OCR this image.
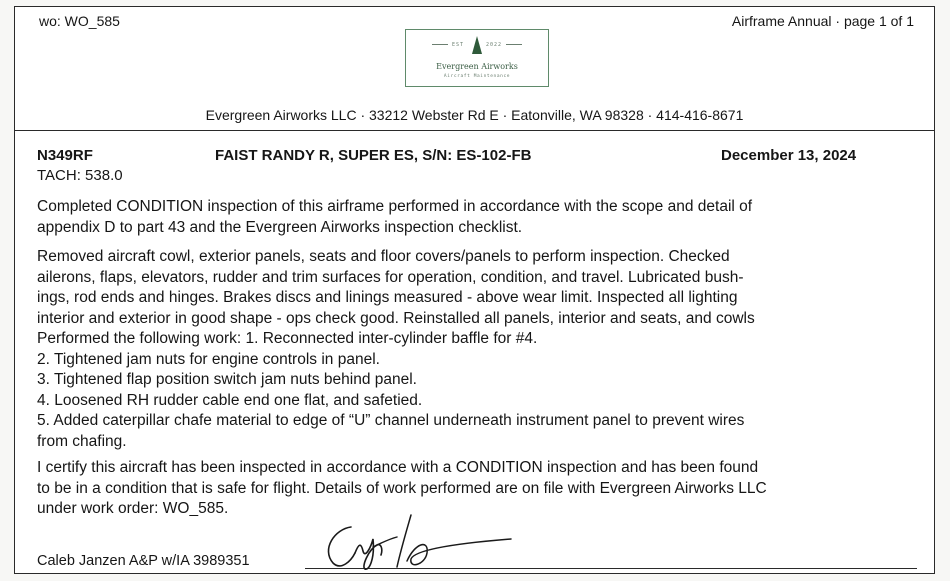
wo: WO_585	Airframe Annual · page 1 of 1
EST	2022
Evergreen Airworks
Aircraft Maintenance
Evergreen Airworks LLC · 33212 Webster Rd E · Eatonville, WA 98328 · 414-416-8671
N349RF
TACH: 538.0
FAIST RANDY R, SUPER ES, S/N: ES-102-FB	December 13, 2024

Completed CONDITION inspection of this airframe performed in accordance with the scope and detail of
appendix D to part 43 and the Evergreen Airworks inspection checklist.

Removed aircraft cowl, exterior panels, seats and floor covers/panels to perform inspection. Checked
ailerons, flaps, elevators, rudder and trim surfaces for operation, condition, and travel. Lubricated bush-
ings, rod ends and hinges. Brakes discs and linings measured - above wear limit. Inspected all lighting
interior and exterior in good shape - ops check good. Reinstalled all panels, interior and seats, and cowls
Performed the following work: 1. Reconnected inter-cylinder baffle for #4.
2. Tightened jam nuts for engine controls in panel.
3. Tightened flap position switch jam nuts behind panel.
4. Loosened RH rudder cable end one flat, and safetied.
5. Added caterpillar chafe material to edge of “U” channel underneath instrument panel to prevent wires
from chafing.

I certify this aircraft has been inspected in accordance with a CONDITION inspection and has been found
to be in a condition that is safe for flight. Details of work performed are on file with Evergreen Airworks LLC
under work order: WO_585.

Caleb Janzen A&P w/IA 3989351
